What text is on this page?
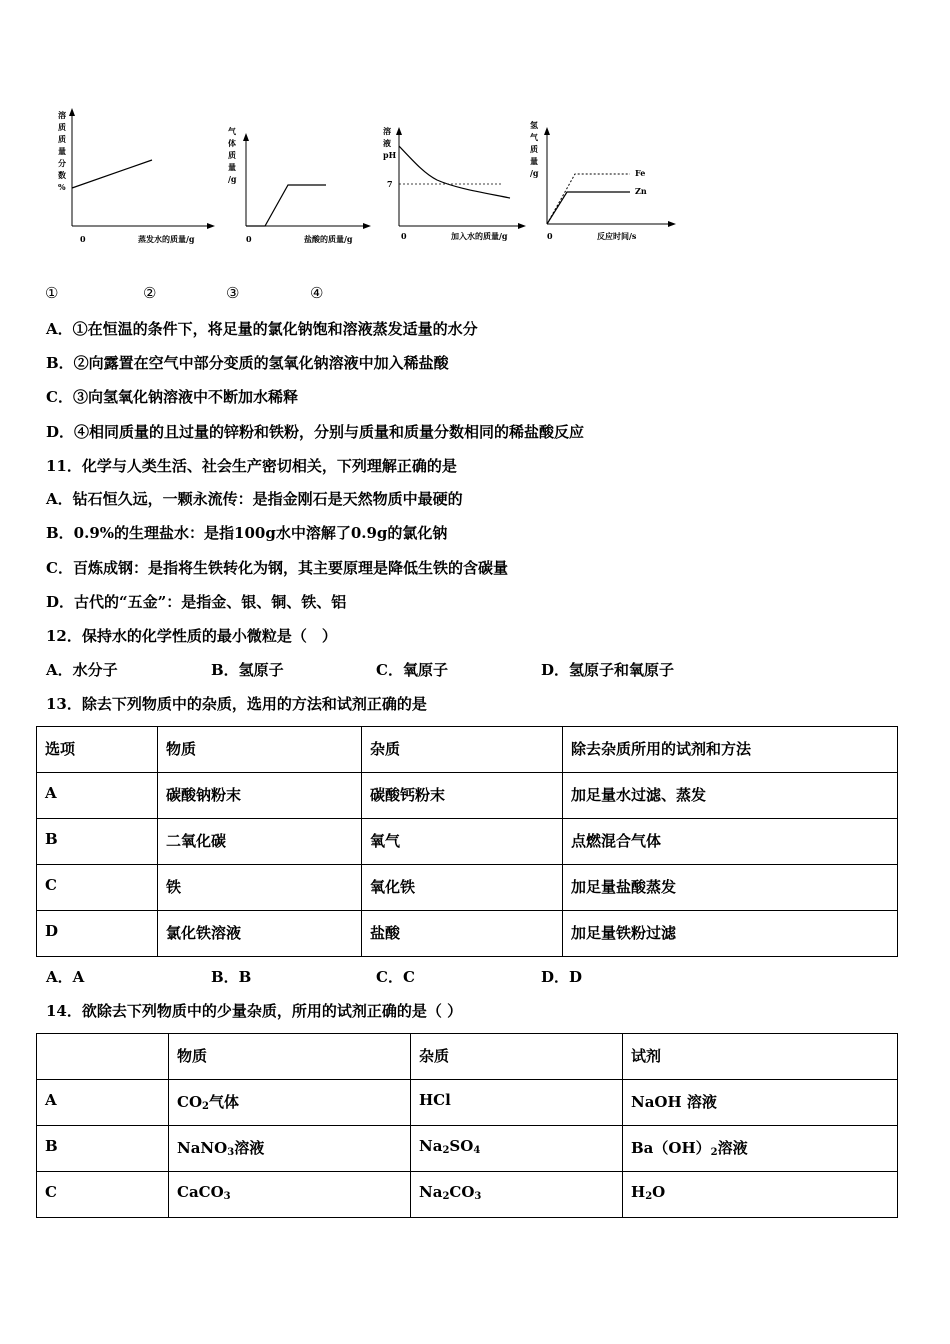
溶
质
质
量
分
数
%
0	蒸发水的质量/g
气
体
质
量
/g
0	盐酸的质量/g
溶
液
pH
7
0	加入水的质量/g
氢
气
质
量
/g	Fe
Zn
0	反应时间/s
①	②	③	④
A．①在恒温的条件下，将足量的氯化钠饱和溶液蒸发适量的水分
B．②向露置在空气中部分变质的氢氧化钠溶液中加入稀盐酸
C．③向氢氧化钠溶液中不断加水稀释
D．④相同质量的且过量的锌粉和铁粉，分别与质量和质量分数相同的稀盐酸反应
11．化学与人类生活、社会生产密切相关，下列理解正确的是
A．钻石恒久远，一颗永流传：是指金刚石是天然物质中最硬的
B．0.9%的生理盐水：是指100g水中溶解了0.9g的氯化钠
C．百炼成钢：是指将生铁转化为钢，其主要原理是降低生铁的含碳量
D．古代的“五金”：是指金、银、铜、铁、铝
12．保持水的化学性质的最小微粒是（　）
A．水分子	B．氢原子	C．氧原子	D．氢原子和氧原子
13．除去下列物质中的杂质，选用的方法和试剂正确的是
选项	物质	杂质	除去杂质所用的试剂和方法
A	碳酸钠粉末	碳酸钙粉末	加足量水过滤、蒸发
B	二氧化碳	氧气	点燃混合气体
C	铁	氧化铁	加足量盐酸蒸发
D	氯化铁溶液	盐酸	加足量铁粉过滤
A．A	B．B	C．C	D．D
14．欲除去下列物质中的少量杂质，所用的试剂正确的是（ ）
	物质	杂质	试剂
A	$CO_2$气体	HCl	NaOH 溶液
B	NaNO$_3$溶液	$Na_2SO_4$	$Ba(OH)_2$溶液
C	CaCO$_3$	$Na_2CO_3$	$H_2O$
